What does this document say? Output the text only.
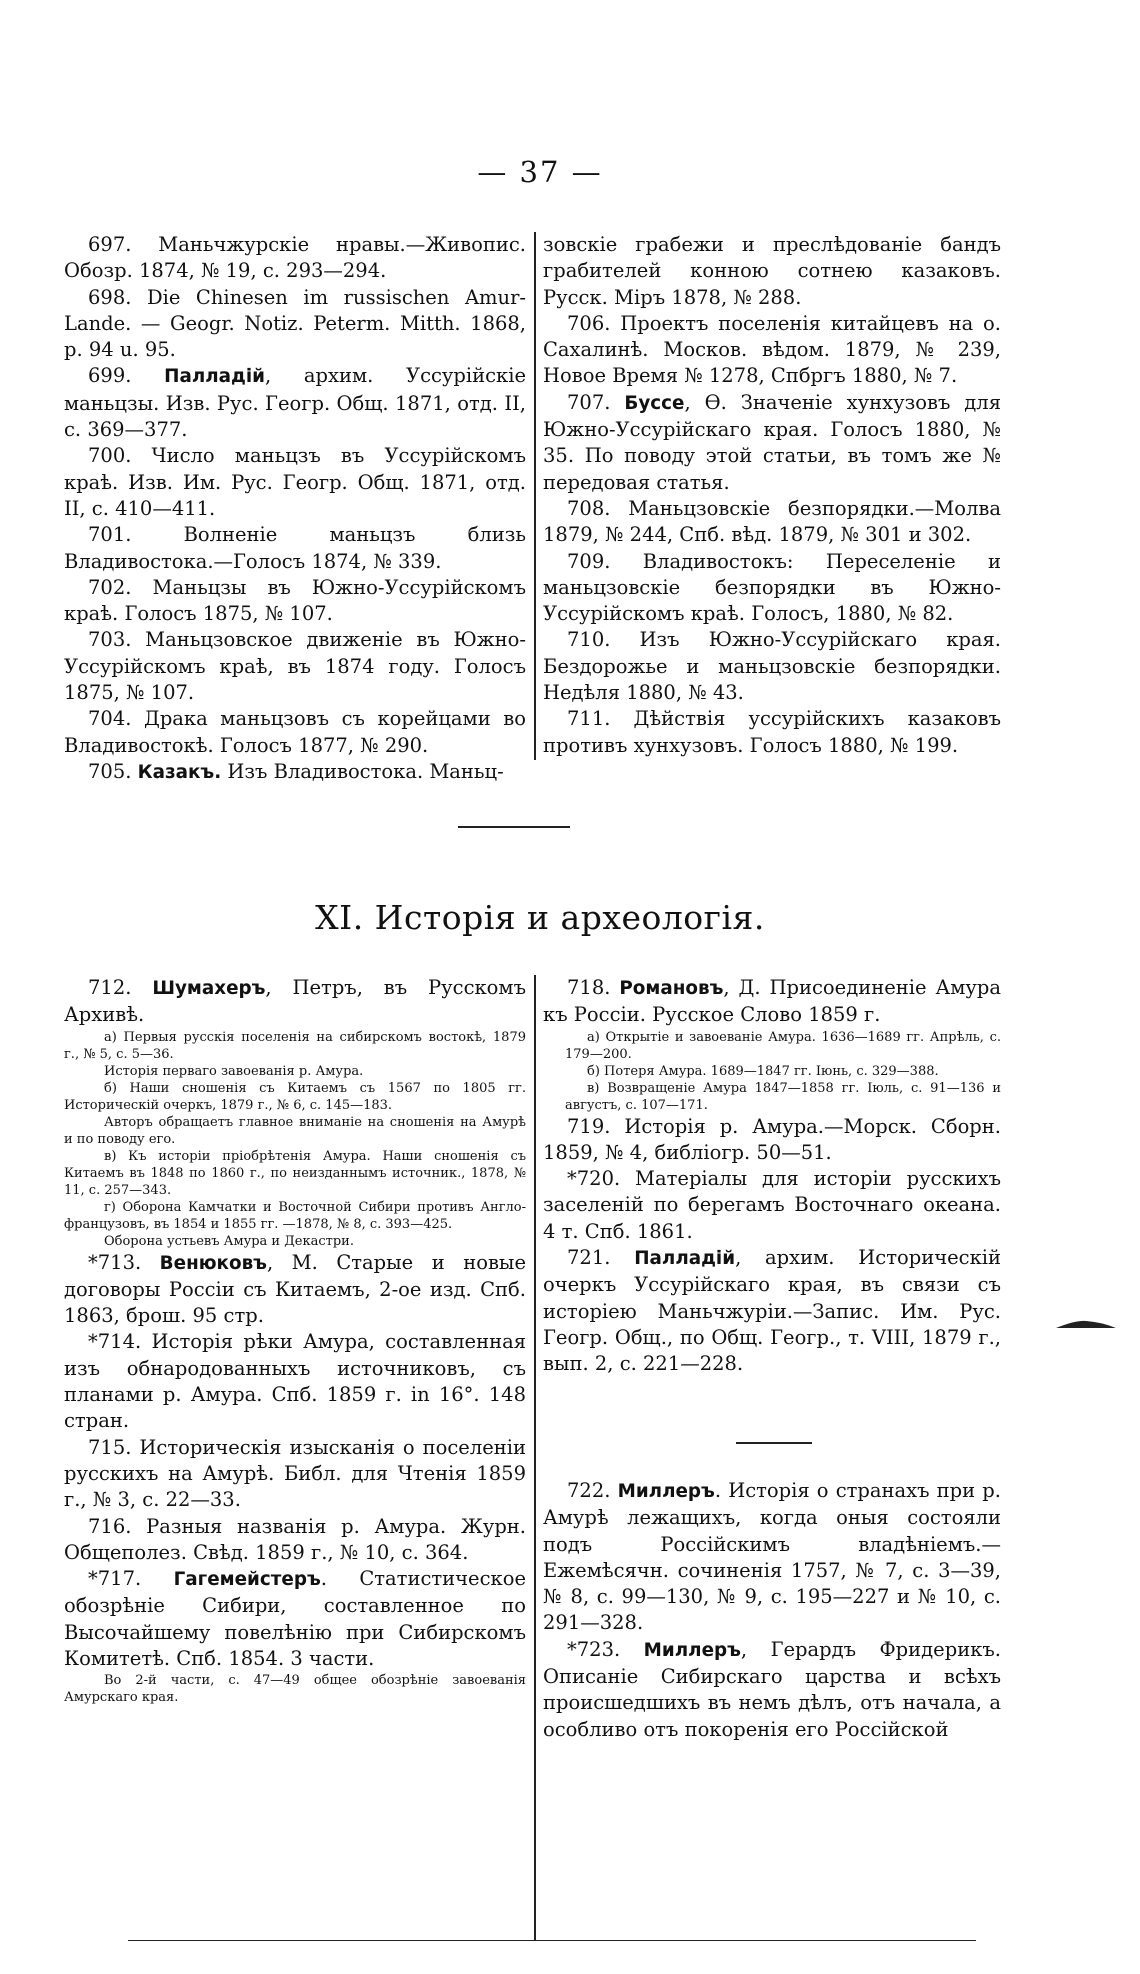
— 37 —

697. Маньчжурскіе нравы.—Живопис. Обозр. 1874, № 19, с. 293—294.

698. Die Chinesen im russischen Amur-Lande. — Geogr. Notiz. Peterm. Mitth. 1868, p. 94 u. 95.

699. Палладій, архим. Уссурійскіе маньцзы. Изв. Рус. Геогр. Общ. 1871, отд. II, с. 369—377.

700. Число маньцзъ въ Уссурійскомъ краѣ. Изв. Им. Рус. Геогр. Общ. 1871, отд. II, с. 410—411.

701. Волненіе маньцзъ близь Владивостока.—Голосъ 1874, № 339.

702. Маньцзы въ Южно-Уссурійскомъ краѣ. Голосъ 1875, № 107.

703. Маньцзовское движеніе въ Южно-Уссурійскомъ краѣ, въ 1874 году. Голосъ 1875, № 107.

704. Драка маньцзовъ съ корейцами во Владивостокѣ. Голосъ 1877, № 290.

705. Казакъ. Изъ Владивостока. Маньц-

зовскіе грабежи и преслѣдованіе бандъ грабителей конною сотнею казаковъ. Русск. Міръ 1878, № 288.

706. Проектъ поселенія китайцевъ на о. Сахалинѣ. Москов. вѣдом. 1879, № 239, Новое Время № 1278, Спбргъ 1880, № 7.

707. Буссе, Ѳ. Значеніе хунхузовъ для Южно-Уссурійскаго края. Голосъ 1880, № 35. По поводу этой статьи, въ томъ же № передовая статья.

708. Маньцзовскіе безпорядки.—Молва 1879, № 244, Спб. вѣд. 1879, № 301 и 302.

709. Владивостокъ: Переселеніе и маньцзовскіе безпорядки въ Южно-Уссурійскомъ краѣ. Голосъ, 1880, № 82.

710. Изъ Южно-Уссурійскаго края. Бездорожье и маньцзовскіе безпорядки. Недѣля 1880, № 43.

711. Дѣйствія уссурійскихъ казаковъ противъ хунхузовъ. Голосъ 1880, № 199.

XI. Исторія и археологія.

712. Шумахеръ, Петръ, въ Русскомъ Архивѣ.

а) Первыя русскія поселенія на сибирскомъ востокѣ, 1879 г., № 5, с. 5—36.

Исторія перваго завоеванія р. Амура.

б) Наши сношенія съ Китаемъ съ 1567 по 1805 гг. Историческій очеркъ, 1879 г., № 6, с. 145—183.

Авторъ обращаетъ главное вниманіе на сношенія на Амурѣ и по поводу его.

в) Къ исторіи пріобрѣтенія Амура. Наши сношенія съ Китаемъ въ 1848 по 1860 г., по неизданнымъ источник., 1878, № 11, с. 257—343.

г) Оборона Камчатки и Восточной Сибири противъ Англо-французовъ, въ 1854 и 1855 гг. —1878, № 8, с. 393—425.

Оборона устьевъ Амура и Декастри.

*713. Венюковъ, М. Старые и новые договоры Россіи съ Китаемъ, 2-ое изд. Спб. 1863, брош. 95 стр.

*714. Исторія рѣки Амура, составленная изъ обнародованныхъ источниковъ, съ планами р. Амура. Спб. 1859 г. in 16°. 148 стран.

715. Историческія изысканія о поселеніи русскихъ на Амурѣ. Библ. для Чтенія 1859 г., № 3, с. 22—33.

716. Разныя названія р. Амура. Журн. Общеполез. Свѣд. 1859 г., № 10, с. 364.

*717. Гагемейстеръ. Статистическое обозрѣніе Сибири, составленное по Высочайшему повелѣнію при Сибирскомъ Комитетѣ. Спб. 1854. 3 части.

Во 2-й части, с. 47—49 общее обозрѣніе завоеванія Амурскаго края.

718. Романовъ, Д. Присоединеніе Амура къ Россіи. Русское Слово 1859 г.

а) Открытіе и завоеваніе Амура. 1636—1689 гг. Апрѣль, с. 179—200.

б) Потеря Амура. 1689—1847 гг. Іюнь, с. 329—388.

в) Возвращеніе Амура 1847—1858 гг. Іюль, с. 91—136 и августъ, с. 107—171.

719. Исторія р. Амура.—Морск. Сборн. 1859, № 4, библіогр. 50—51.

*720. Матеріалы для исторіи русскихъ заселеній по берегамъ Восточнаго океана. 4 т. Спб. 1861.

721. Палладій, архим. Историческій очеркъ Уссурійскаго края, въ связи съ исторіею Маньчжуріи.—Запис. Им. Рус. Геогр. Общ., по Общ. Геогр., т. VIII, 1879 г., вып. 2, с. 221—228.

722. Миллеръ. Исторія о странахъ при р. Амурѣ лежащихъ, когда оныя состояли подъ Россійскимъ владѣніемъ.—Ежемѣсячн. сочиненія 1757, № 7, с. 3—39, № 8, с. 99—130, № 9, с. 195—227 и № 10, с. 291—328.

*723. Миллеръ, Герардъ Фридерикъ. Описаніе Сибирскаго царства и всѣхъ происшедшихъ въ немъ дѣлъ, отъ начала, а особливо отъ покоренія его Россійской
